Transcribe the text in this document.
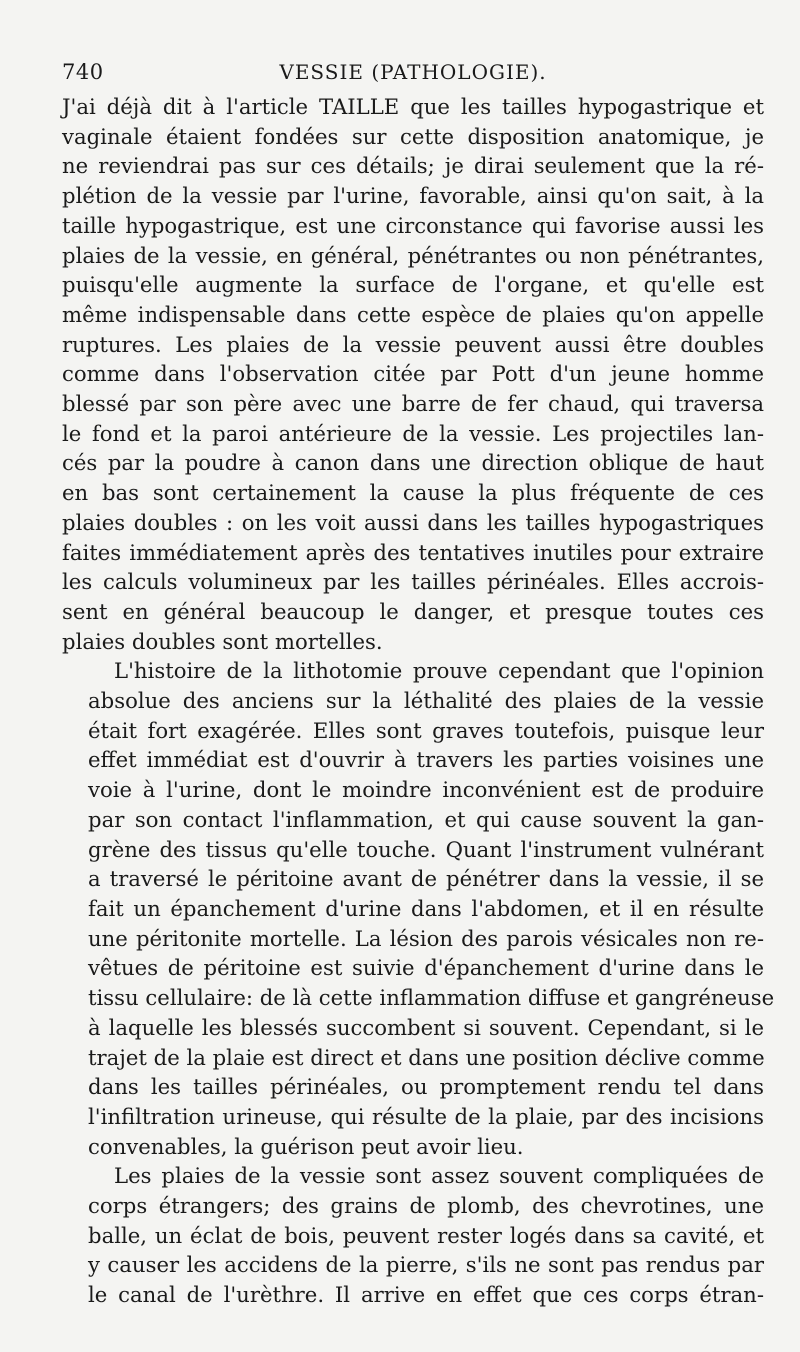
740	VESSIE (PATHOLOGIE).

J'ai déjà dit à l'article TAILLE que les tailles hypogastrique et
vaginale étaient fondées sur cette disposition anatomique, je
ne reviendrai pas sur ces détails; je dirai seulement que la ré-
plétion de la vessie par l'urine, favorable, ainsi qu'on sait, à la
taille hypogastrique, est une circonstance qui favorise aussi les
plaies de la vessie, en général, pénétrantes ou non pénétrantes,
puisqu'elle augmente la surface de l'organe, et qu'elle est
même indispensable dans cette espèce de plaies qu'on appelle
ruptures. Les plaies de la vessie peuvent aussi être doubles
comme dans l'observation citée par Pott d'un jeune homme
blessé par son père avec une barre de fer chaud, qui traversa
le fond et la paroi antérieure de la vessie. Les projectiles lan-
cés par la poudre à canon dans une direction oblique de haut
en bas sont certainement la cause la plus fréquente de ces
plaies doubles : on les voit aussi dans les tailles hypogastriques
faites immédiatement après des tentatives inutiles pour extraire
les calculs volumineux par les tailles périnéales. Elles accrois-
sent en général beaucoup le danger, et presque toutes ces
plaies doubles sont mortelles.

L'histoire de la lithotomie prouve cependant que l'opinion
absolue des anciens sur la léthalité des plaies de la vessie
était fort exagérée. Elles sont graves toutefois, puisque leur
effet immédiat est d'ouvrir à travers les parties voisines une
voie à l'urine, dont le moindre inconvénient est de produire
par son contact l'inflammation, et qui cause souvent la gan-
grène des tissus qu'elle touche. Quant l'instrument vulnérant
a traversé le péritoine avant de pénétrer dans la vessie, il se
fait un épanchement d'urine dans l'abdomen, et il en résulte
une péritonite mortelle. La lésion des parois vésicales non re-
vêtues de péritoine est suivie d'épanchement d'urine dans le
tissu cellulaire: de là cette inflammation diffuse et gangréneuse
à laquelle les blessés succombent si souvent. Cependant, si le
trajet de la plaie est direct et dans une position déclive comme
dans les tailles périnéales, ou promptement rendu tel dans
l'infiltration urineuse, qui résulte de la plaie, par des incisions
convenables, la guérison peut avoir lieu.

Les plaies de la vessie sont assez souvent compliquées de
corps étrangers; des grains de plomb, des chevrotines, une
balle, un éclat de bois, peuvent rester logés dans sa cavité, et
y causer les accidens de la pierre, s'ils ne sont pas rendus par
le canal de l'urèthre. Il arrive en effet que ces corps étran-
